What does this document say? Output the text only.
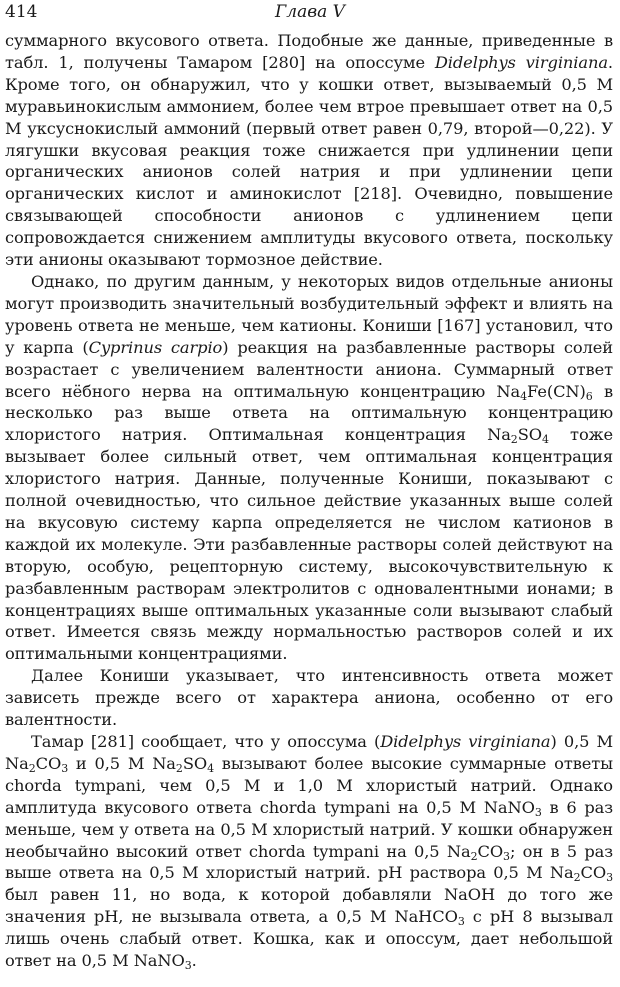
414	Глава V

суммарного вкусового ответа. Подобные же данные, приведенные в табл. 1, получены Тамаром [280] на опоссуме Didelphys virginiana. Кроме того, он обнаружил, что у кошки ответ, вызываемый 0,5 М муравьинокислым аммонием, более чем втрое превышает ответ на 0,5 М уксуснокислый аммоний (первый ответ равен 0,79, второй—0,22). У лягушки вкусовая реакция тоже снижается при удлинении цепи органических анионов солей натрия и при удлинении цепи органических кислот и аминокислот [218]. Очевидно, повышение связывающей способности анионов с удлинением цепи сопровождается снижением амплитуды вкусового ответа, поскольку эти анионы оказывают тормозное действие.

Однако, по другим данным, у некоторых видов отдельные анионы могут производить значительный возбудительный эффект и влиять на уровень ответа не меньше, чем катионы. Кониши [167] установил, что у карпа (Cyprinus carpio) реакция на разбавленные растворы солей возрастает с увеличением валентности аниона. Суммарный ответ всего нёбного нерва на оптимальную концентрацию $Na_4Fe(CN)_6$ в несколько раз выше ответа на оптимальную концентрацию хлористого натрия. Оптимальная концентрация $Na_2SO_4$ тоже вызывает более сильный ответ, чем оптимальная концентрация хлористого натрия. Данные, полученные Кониши, показывают с полной очевидностью, что сильное действие указанных выше солей на вкусовую систему карпа определяется не числом катионов в каждой их молекуле. Эти разбавленные растворы солей действуют на вторую, особую, рецепторную систему, высокочувствительную к разбавленным растворам электролитов с одновалентными ионами; в концентрациях выше оптимальных указанные соли вызывают слабый ответ. Имеется связь между нормальностью растворов солей и их оптимальными концентрациями.

Далее Кониши указывает, что интенсивность ответа может зависеть прежде всего от характера аниона, особенно от его валентности.

Тамар [281] сообщает, что у опоссума (Didelphys virginiana) 0,5 М $Na_2CO_3$ и 0,5 М $Na_2SO_4$ вызывают более высокие суммарные ответы chorda tympani, чем 0,5 М и 1,0 М хлористый натрий. Однако амплитуда вкусового ответа chorda tympani на 0,5 М NaNO$_3$ в 6 раз меньше, чем у ответа на 0,5 М хлористый натрий. У кошки обнаружен необычайно высокий ответ chorda tympani на 0,5 $Na_2CO_3$; он в 5 раз выше ответа на 0,5 М хлористый натрий. pH раствора 0,5 М $Na_2CO_3$ был равен 11, но вода, к которой добавляли NaOH до того же значения pH, не вызывала ответа, а 0,5 М NaHCO$_3$ с pH 8 вызывал лишь очень слабый ответ. Кошка, как и опоссум, дает небольшой ответ на 0,5 М NaNO$_3$.
